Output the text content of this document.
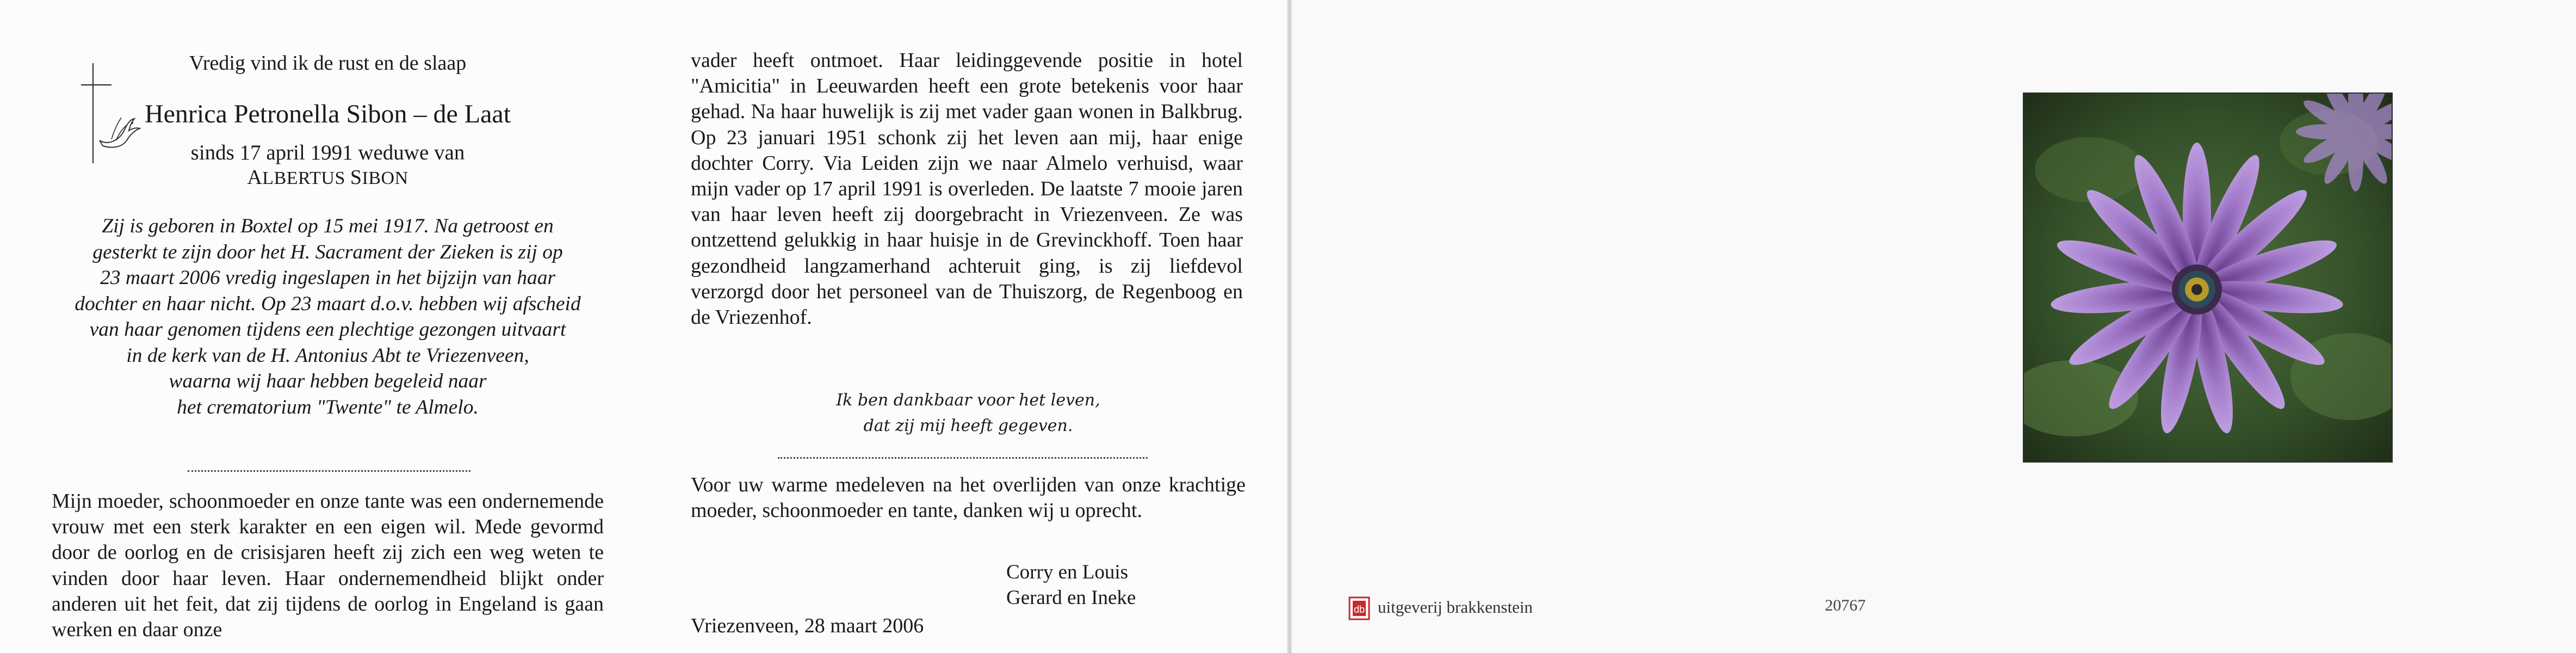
Vredig vind ik de rust en de slaap
Henrica Petronella Sibon – de Laat
sinds 17 april 1991 weduwe van
ALBERTUS SIBON
Zij is geboren in Boxtel op 15 mei 1917. Na getroost en
gesterkt te zijn door het H. Sacrament der Zieken is zij op
23 maart 2006 vredig ingeslapen in het bijzijn van haar
dochter en haar nicht. Op 23 maart d.o.v. hebben wij afscheid
van haar genomen tijdens een plechtige gezongen uitvaart
in de kerk van de H. Antonius Abt te Vriezenveen,
waarna wij haar hebben begeleid naar
het crematorium "Twente" te Almelo.
Mijn moeder, schoonmoeder en onze tante was een ondernemende vrouw met een sterk karakter en een eigen wil. Mede gevormd door de oorlog en de crisisjaren heeft zij zich een weg weten te vinden door haar leven. Haar ondernemendheid blijkt onder anderen uit het feit, dat zij tijdens de oorlog in Engeland is gaan werken en daar onze
vader heeft ontmoet. Haar leidinggevende positie in hotel "Amicitia" in Leeuwarden heeft een grote betekenis voor haar gehad. Na haar huwelijk is zij met vader gaan wonen in Balkbrug. Op 23 januari 1951 schonk zij het leven aan mij, haar enige dochter Corry. Via Leiden zijn we naar Almelo verhuisd, waar mijn vader op 17 april 1991 is overleden. De laatste 7 mooie jaren van haar leven heeft zij doorgebracht in Vriezenveen. Ze was ontzettend gelukkig in haar huisje in de Grevinckhoff. Toen haar gezondheid langzamerhand achteruit ging, is zij liefdevol verzorgd door het personeel van de Thuiszorg, de Regenboog en de Vriezenhof.
Ik ben dankbaar voor het leven,
dat zij mij heeft gegeven.
Voor uw warme medeleven na het overlijden van onze krachtige moeder, schoonmoeder en tante, danken wij u oprecht.
Corry en Louis
Gerard en Ineke
Vriezenveen, 28 maart 2006
db uitgeverij brakkenstein	20767
